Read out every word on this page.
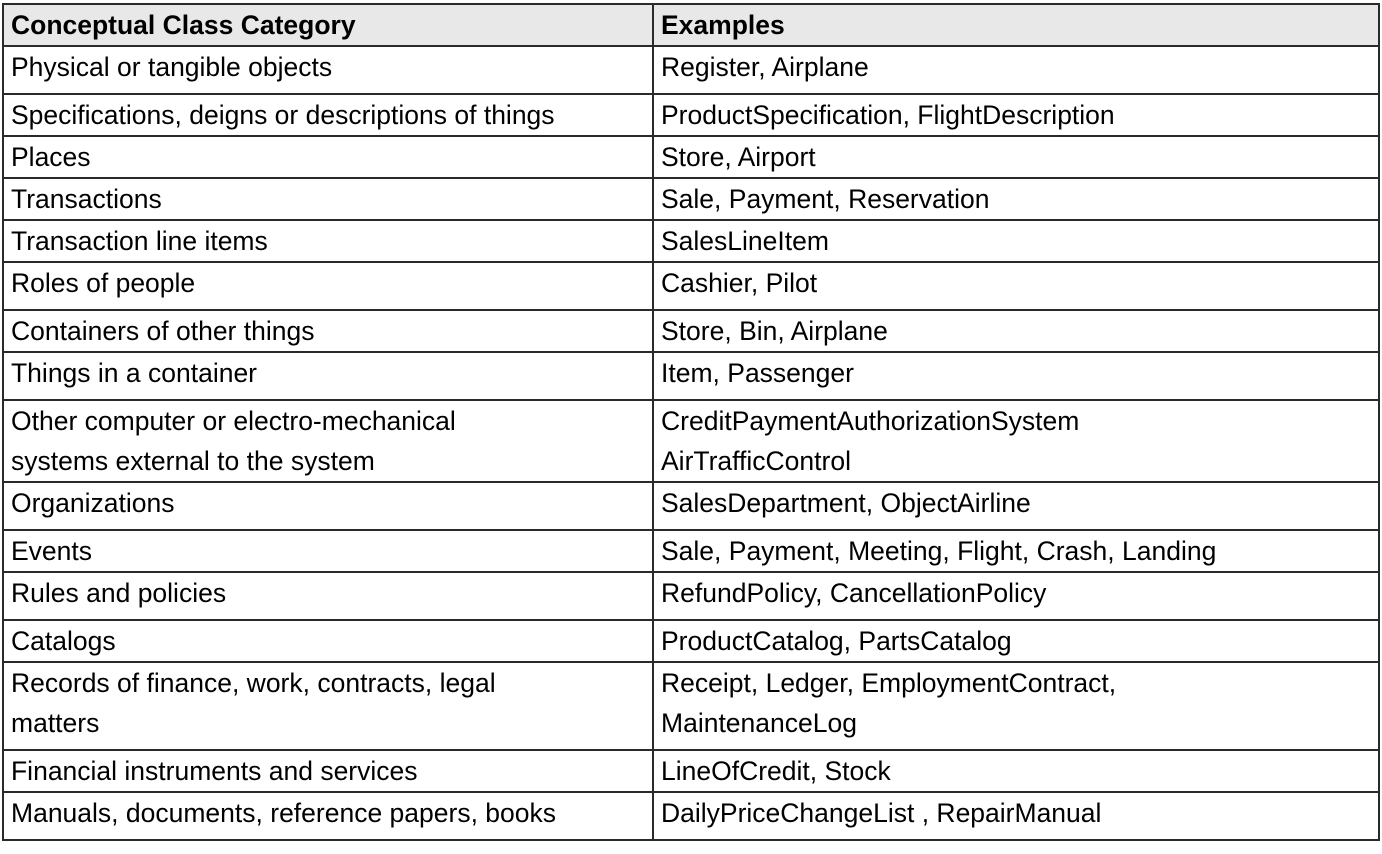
Conceptual Class Category	Examples

Physical or tangible objects	Register, Airplane

Specifications, deigns or descriptions of things	ProductSpecification, FlightDescription

Places	Store, Airport

Transactions	Sale, Payment, Reservation

Transaction line items	SalesLineItem

Roles of people	Cashier, Pilot

Containers of other things	Store, Bin, Airplane

Things in a container	Item, Passenger

Other computer or electro-mechanical
systems external to the system	CreditPaymentAuthorizationSystem
AirTrafficControl

Organizations	SalesDepartment, ObjectAirline

Events	Sale, Payment, Meeting, Flight, Crash, Landing

Rules and policies	RefundPolicy, CancellationPolicy

Catalogs	ProductCatalog, PartsCatalog

Records of finance, work, contracts, legal
matters	Receipt, Ledger, EmploymentContract,
MaintenanceLog

Financial instruments and services	LineOfCredit, Stock

Manuals, documents, reference papers, books	DailyPriceChangeList , RepairManual
